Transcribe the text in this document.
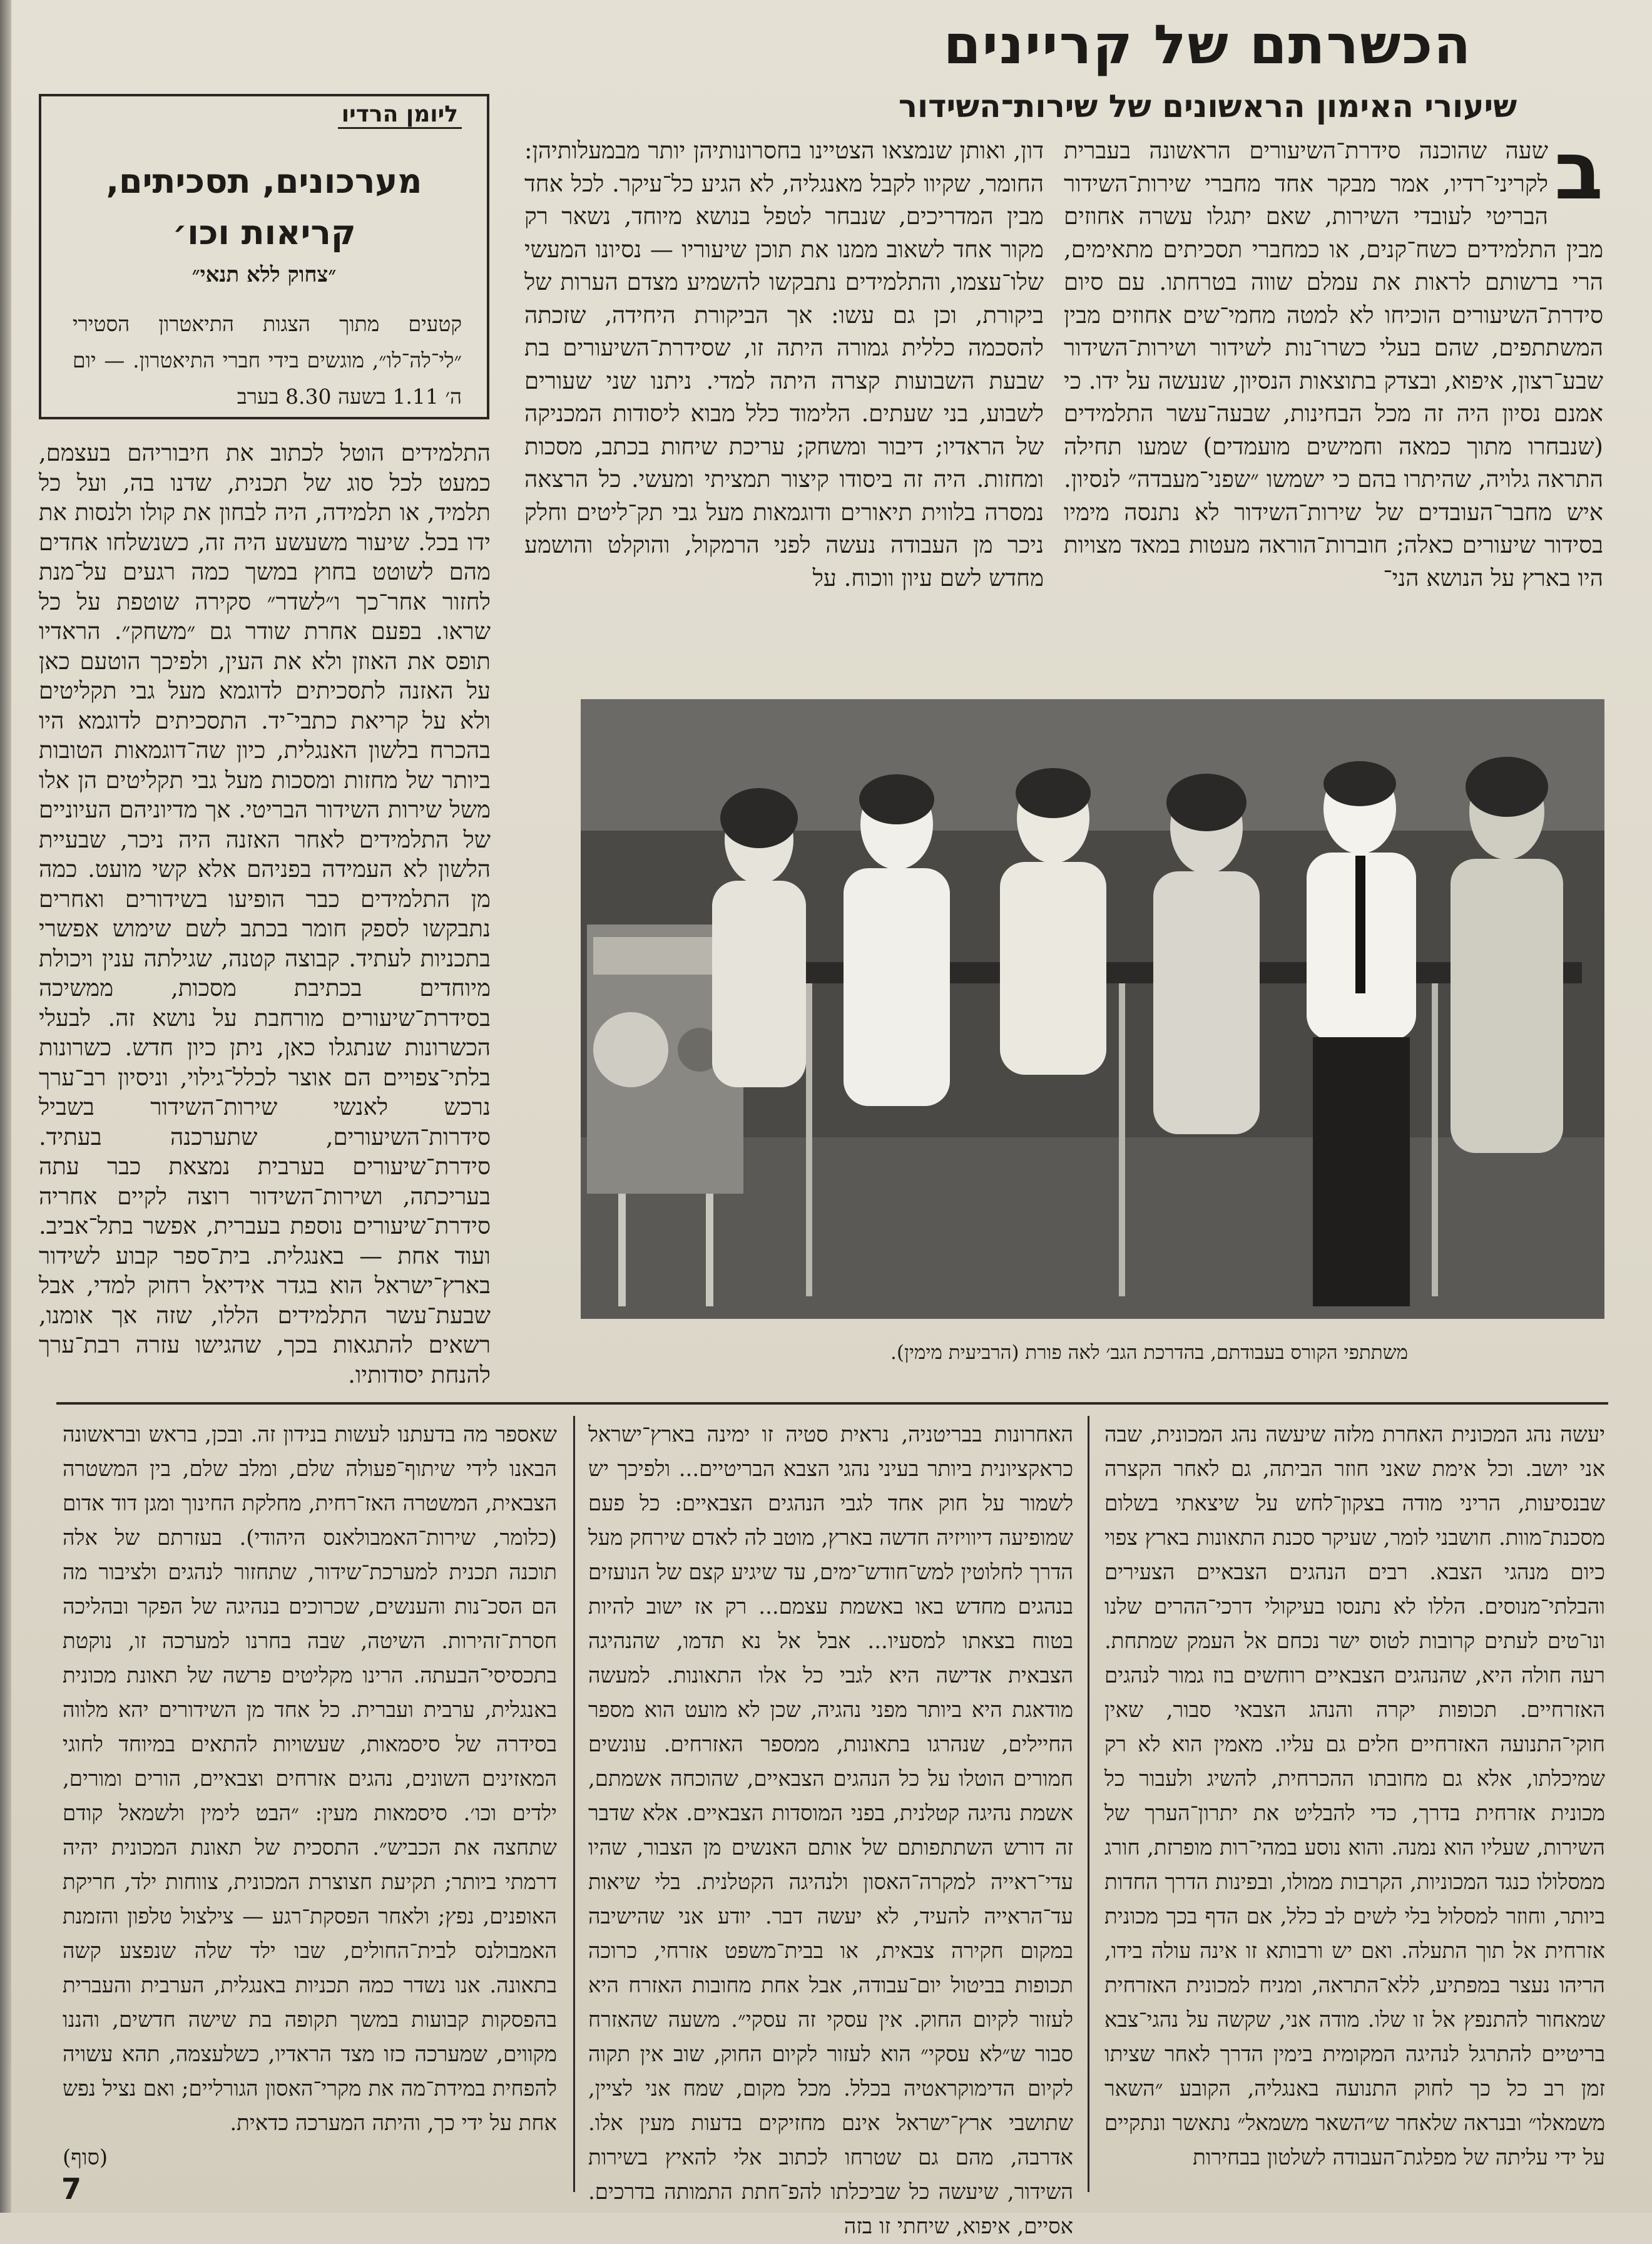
הכשרתם של קריינים
שיעורי האימון הראשונים של שירות־השידור
ליומן הרדיו
מערכונים, תסכיתים, קריאות וכו׳
״צחוק ללא תנאי״
קטעים מתוך הצגות התיאטרון הסטירי ״לי־לה־לו״, מוגשים בידי חברי התיאטרון. — יום ה׳ 1.11 בשעה 8.30 בערב
ב
שעה שהוכנה סידרת־השיעורים הראשונה בעברית לקריני־רדיו, אמר מבקר אחד מחברי שירות־השידור הבריטי לעובדי השירות, שאם יתגלו עשרה אחוזים מבין התלמידים כשח־קנים, או כמחברי תסכיתים מתאימים, הרי ברשותם לראות את עמלם שווה בטרחתו. עם סיום סידרת־השיעורים הוכיחו לא למטה מחמי־שים אחוזים מבין המשתתפים, שהם בעלי כשרו־נות לשידור ושירות־השידור שבע־רצון, איפוא, ובצדק בתוצאות הנסיון, שנעשה על ידו. כי אמנם נסיון היה זה מכל הבחינות, שבעה־עשר התלמידים (שנבחרו מתוך כמאה וחמישים מועמדים) שמעו תחילה התראה גלויה, שהיתרו בהם כי ישמשו ״שפני־מעבדה״ לנסיון. איש מחבר־העובדים של שירות־השידור לא נתנסה מימיו בסידור שיעורים כאלה; חוברות־הוראה מעטות במאד מצויות היו בארץ על הנושא הני־
דון, ואותן שנמצאו הצטיינו בחסרונותיהן יותר מבמעלותיהן: החומר, שקיוו לקבל מאנגליה, לא הגיע כל־עיקר. לכל אחד מבין המדריכים, שנבחר לטפל בנושא מיוחד, נשאר רק מקור אחד לשאוב ממנו את תוכן שיעוריו — נסיונו המעשי שלו־עצמו, והתלמידים נתבקשו להשמיע מצדם הערות של ביקורת, וכן גם עשו: אך הביקורת היחידה, שזכתה להסכמה כללית גמורה היתה זו, שסידרת־השיעורים בת שבעת השבועות קצרה היתה למדי. ניתנו שני שעורים לשבוע, בני שעתים. הלימוד כלל מבוא ליסודות המכניקה של הראדיו; דיבור ומשחק; עריכת שיחות בכתב, מסכות ומחזות. היה זה ביסודו קיצור תמציתי ומעשי. כל הרצאה נמסרה בלווית תיאורים ודוגמאות מעל גבי תק־ליטים וחלק ניכר מן העבודה נעשה לפני הרמקול, והוקלט והושמע מחדש לשם עיון ווכוח. על
התלמידים הוטל לכתוב את חיבוריהם בעצמם, כמעט לכל סוג של תכנית, שדנו בה, ועל כל תלמיד, או תלמידה, היה לבחון את קולו ולנסות את ידו בכל. שיעור משעשע היה זה, כשנשלחו אחדים מהם לשוטט בחוץ במשך כמה רגעים על־מנת לחזור אחר־כך ו״לשדר״ סקירה שוטפת על כל שראו. בפעם אחרת שודר גם ״משחק״. הראדיו תופס את האוזן ולא את העין, ולפיכך הוטעם כאן על האזנה לתסכיתים לדוגמא מעל גבי תקליטים ולא על קריאת כתבי־יד. התסכיתים לדוגמא היו בהכרח בלשון האנגלית, כיון שה־דוגמאות הטובות ביותר של מחזות ומסכות מעל גבי תקליטים הן אלו משל שירות השידור הבריטי. אך מדיוניהם העיוניים של התלמידים לאחר האזנה היה ניכר, שבעיית הלשון לא העמידה בפניהם אלא קשי מועט. כמה מן התלמידים כבר הופיעו בשידורים ואחרים נתבקשו לספק חומר בכתב לשם שימוש אפשרי בתכניות לעתיד. קבוצה קטנה, שגילתה ענין ויכולת מיוחדים בכתיבת מסכות, ממשיכה בסידרת־שיעורים מורחבת על נושא זה. לבעלי הכשרונות שנתגלו כאן, ניתן כיון חדש. כשרונות בלתי־צפויים הם אוצר לכלל־גילוי, וניסיון רב־ערך נרכש לאנשי שירות־השידור בשביל סידרות־השיעורים, שתערכנה בעתיד. סידרת־שיעורים בערבית נמצאת כבר עתה בעריכתה, ושירות־השידור רוצה לקיים אחריה סידרת־שיעורים נוספת בעברית, אפשר בתל־אביב. ועוד אחת — באנגלית. בית־ספר קבוע לשידור בארץ־ישראל הוא בגדר אידיאל רחוק למדי, אבל שבעת־עשר התלמידים הללו, שזה אך אומנו, רשאים להתגאות בכך, שהגישו עזרה רבת־ערך להנחת יסודותיו.
משתתפי הקורס בעבודתם, בהדרכת הגב׳ לאה פורת (הרביעית מימין).
יעשה נהג המכונית האחרת מלזה שיעשה נהג המכונית, שבה אני יושב. וכל אימת שאני חוזר הביתה, גם לאחר הקצרה שבנסיעות, הריני מודה בצקון־לחש על שיצאתי בשלום מסכנת־מוות. חושבני לומר, שעיקר סכנת התאונות בארץ צפוי כיום מנהגי הצבא. רבים הנהגים הצבאיים הצעירים והבלתי־מנוסים. הללו לא נתנסו בעיקולי דרכי־ההרים שלנו ונו־טים לעתים קרובות לטוס ישר נכחם אל העמק שמתחת. רעה חולה היא, שהנהגים הצבאיים רוחשים בוז גמור לנהגים האזרחיים. תכופות יקרה והנהג הצבאי סבור, שאין חוקי־התנועה האזרחיים חלים גם עליו. מאמין הוא לא רק שמיכלתו, אלא גם מחובתו ההכרחית, להשיג ולעבור כל מכונית אזרחית בדרך, כדי להבליט את יתרון־הערך של השירות, שעליו הוא נמנה. והוא נוסע במהי־רות מופרזת, חורג ממסלולו כנגד המכוניות, הקרבות ממולו, ובפינות הדרך החדות ביותר, וחוזר למסלול בלי לשים לב כלל, אם הדף בכך מכונית אזרחית אל תוך התעלה. ואם יש ורבותא זו אינה עולה בידו, הריהו נעצר במפתיע, ללא־התראה, ומניח למכונית האזרחית שמאחור להתנפץ אל זו שלו. מודה אני, שקשה על נהגי־צבא בריטיים להתרגל לנהיגה המקומית בימין הדרך לאחר שציתו זמן רב כל כך לחוק התנועה באנגליה, הקובע ״השאר משמאלו״ ובנראה שלאחר ש״השאר משמאל״ נתאשר ונתקיים על ידי עליתה של מפלגת־העבודה לשלטון בבחירות
האחרונות בבריטניה, נראית סטיה זו ימינה בארץ־ישראל כראקציונית ביותר בעיני נהגי הצבא הבריטיים... ולפיכך יש לשמור על חוק אחד לגבי הנהגים הצבאיים: כל פעם שמופיעה דיוויזיה חדשה בארץ, מוטב לה לאדם שירחק מעל הדרך לחלוטין למש־חודש־ימים, עד שיגיע קצם של הנועזים בנהגים מחדש באו באשמת עצמם... רק אז ישוב להיות בטוח בצאתו למסעיו... אבל אל נא תדמו, שהנהיגה הצבאית אדישה היא לגבי כל אלו התאונות. למעשה מודאגת היא ביותר מפני נהגיה, שכן לא מועט הוא מספר החיילים, שנהרגו בתאונות, ממספר האזרחים. עונשים חמורים הוטלו על כל הנהגים הצבאיים, שהוכחה אשמתם, אשמת נהיגה קטלנית, בפני המוסדות הצבאיים. אלא שדבר זה דורש השתתפותם של אותם האנשים מן הצבור, שהיו עדי־ראייה למקרה־האסון ולנהיגה הקטלנית. בלי שיאות עד־הראייה להעיד, לא יעשה דבר. יודע אני שהישיבה במקום חקירה צבאית, או בבית־משפט אזרחי, כרוכה תכופות בביטול יום־עבודה, אבל אחת מחובות האזרח היא לעזור לקיום החוק. אין עסקי זה עסקי״. משעה שהאזרח סבור ש״לא עסקי״ הוא לעזור לקיום החוק, שוב אין תקוה לקיום הדימוקראטיה בכלל. מכל מקום, שמח אני לציין, שתושבי ארץ־ישראל אינם מחזיקים בדעות מעין אלו. אדרבה, מהם גם שטרחו לכתוב אלי להאיץ בשירות השידור, שיעשה כל שביכלתו להפ־חתת התמותה בדרכים. אסיים, איפוא, שיחתי זו בזה
שאספר מה בדעתנו לעשות בנידון זה. ובכן, בראש ובראשונה הבאנו לידי שיתוף־פעולה שלם, ומלב שלם, בין המשטרה הצבאית, המשטרה האז־רחית, מחלקת החינוך ומגן דוד אדום (כלומר, שירות־האמבולאנס היהודי). בעזרתם של אלה תוכנה תכנית למערכת־שידור, שתחזור לנהגים ולציבור מה הם הסכ־נות והענשים, שכרוכים בנהיגה של הפקר ובהליכה חסרת־זהירות. השיטה, שבה בחרנו למערכה זו, נוקטת בתכסיסי־הבעתה. הרינו מקליטים פרשה של תאונת מכונית באנגלית, ערבית ועברית. כל אחד מן השידורים יהא מלווה בסידרה של סיסמאות, שעשויות להתאים במיוחד לחוגי המאזינים השונים, נהגים אזרחים וצבאיים, הורים ומורים, ילדים וכו׳. סיסמאות מעין: ״הבט לימין ולשמאל קודם שתחצה את הכביש״. התסכית של תאונת המכונית יהיה דרמתי ביותר; תקיעת חצוצרת המכונית, צווחות ילד, חריקת האופנים, נפץ; ולאחר הפסקת־רגע — צילצול טלפון והזמנת האמבולנס לבית־החולים, שבו ילד שלה שנפצע קשה בתאונה. אנו נשדר כמה תכניות באנגלית, הערבית והעברית בהפסקות קבועות במשך תקופה בת שישה חדשים, והננו מקווים, שמערכה כזו מצד הראדיו, כשלעצמה, תהא עשויה להפחית במידת־מה את מקרי־האסון הגורליים; ואם נציל נפש אחת על ידי כך, והיתה המערכה כדאית.
(סוף)
7
